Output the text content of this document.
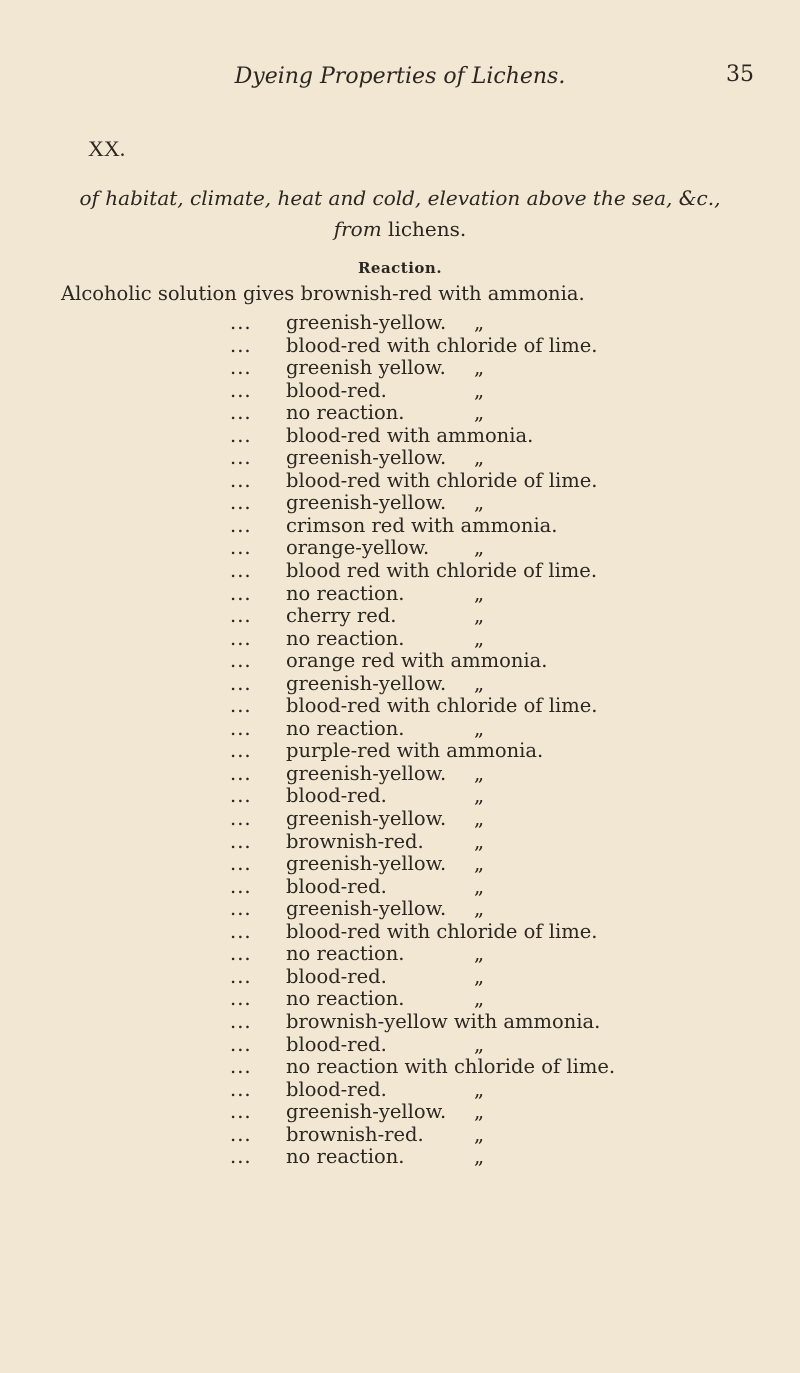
Dyeing Properties of Lichens.	35
XX.
of habitat, climate, heat and cold, elevation above the sea, &c.,
from lichens.
Reaction.
Alcoholic solution gives brownish-red with ammonia.
... greenish-yellow. „
... blood-red with chloride of lime.
... greenish yellow. „
... blood-red.	„
... no reaction.	„
... blood-red with ammonia.
... greenish-yellow. „
... blood-red with chloride of lime.
... greenish-yellow. „
... crimson red with ammonia.
... orange-yellow. „
... blood red with chloride of lime.
... no reaction.	„
... cherry red.	„
... no reaction.	„
... orange red with ammonia.
... greenish-yellow. „
... blood-red with chloride of lime.
... no reaction.	„
... purple-red with ammonia.
... greenish-yellow. „
... blood-red.	„
... greenish-yellow. „
... brownish-red.	„
... greenish-yellow. „
... blood-red.	„
... greenish-yellow. „
... blood-red with chloride of lime.
... no reaction.	„
... blood-red.	„
... no reaction.	„
... brownish-yellow with ammonia.
... blood-red.	„
... no reaction with chloride of lime.
... blood-red.	„
... greenish-yellow. „
... brownish-red.	„
... no reaction.	„
